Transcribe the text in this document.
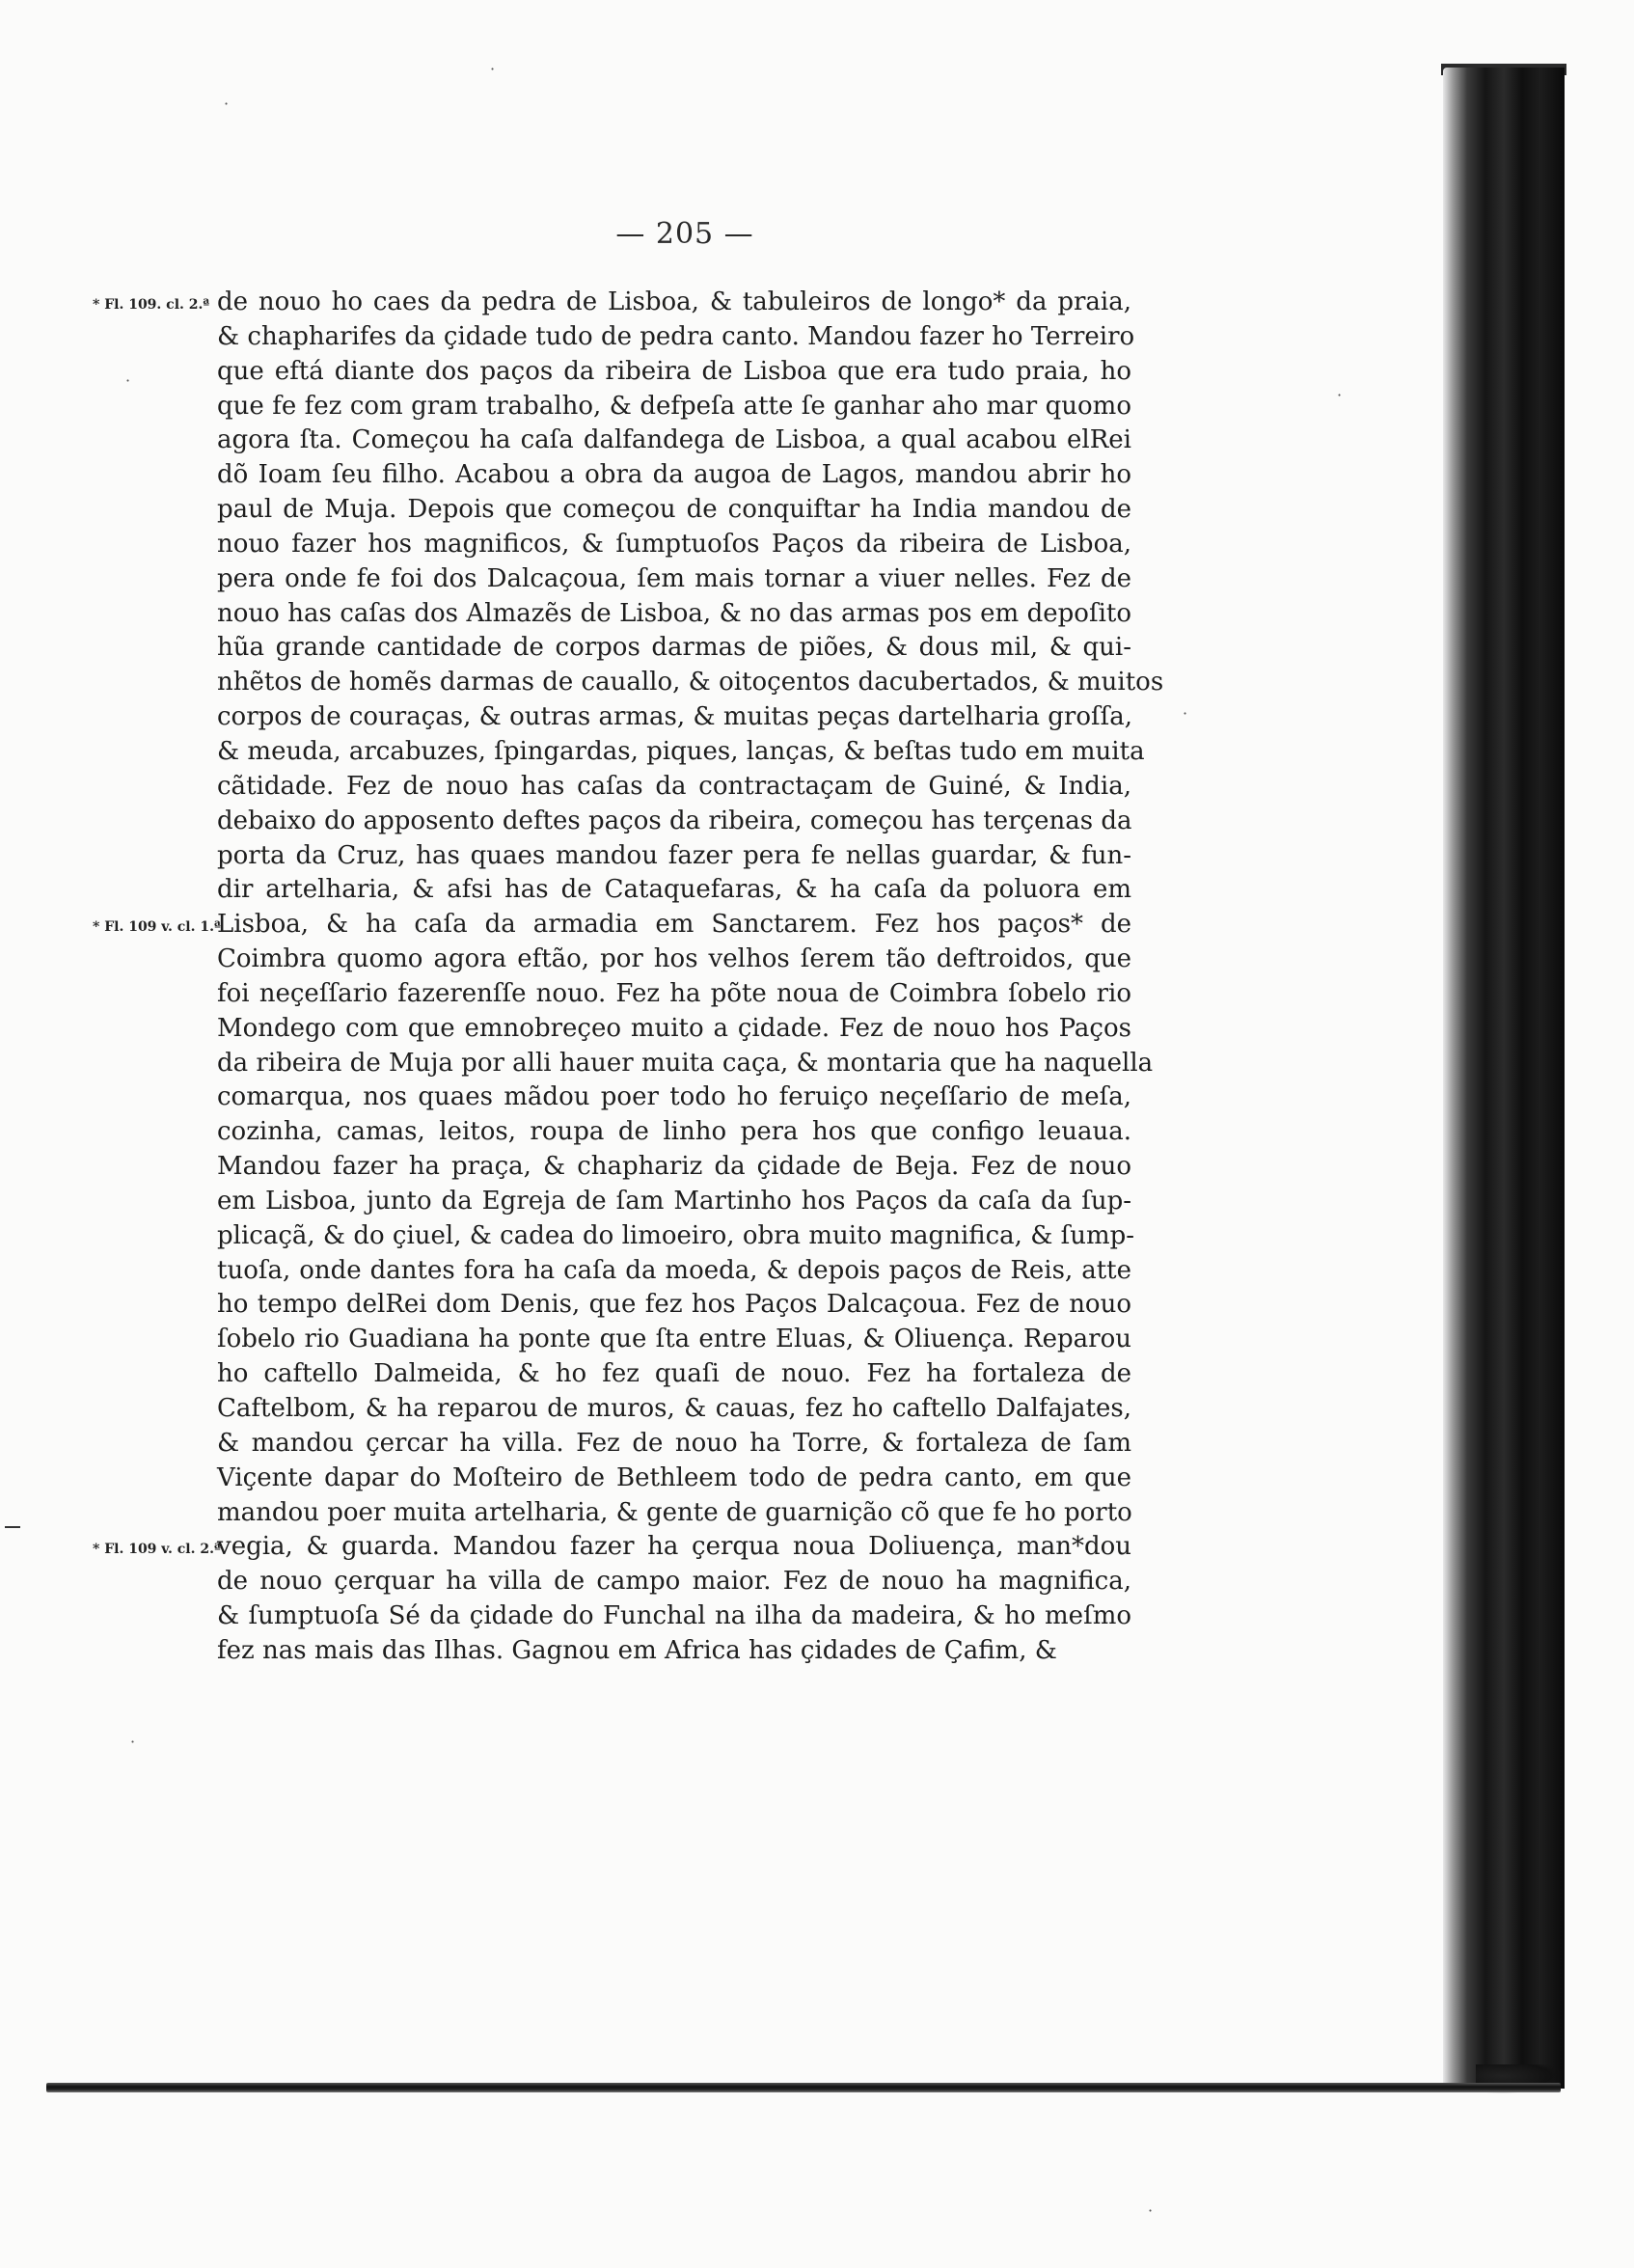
·
·
·
·
·
·
·
— 205 —
* Fl. 109. cl. 2.ª
* Fl. 109 v. cl. 1.ª
* Fl. 109 v. cl. 2.ª
de nouo ho caes da pedra de Lisboa, & tabuleiros de longo* da praia,
& chapharifes da çidade tudo de pedra canto. Mandou fazer ho Terreiro
que eftá diante dos paços da ribeira de Lisboa que era tudo praia, ho
que fe fez com gram trabalho, & defpeſa atte ſe ganhar aho mar quomo
agora ſta. Começou ha caſa dalfandega de Lisboa, a qual acabou elRei
dõ Ioam ſeu filho. Acabou a obra da augoa de Lagos, mandou abrir ho
paul de Muja. Depois que começou de conquiftar ha India mandou de
nouo fazer hos magnificos, & ſumptuoſos Paços da ribeira de Lisboa,
pera onde fe foi dos Dalcaçoua, ſem mais tornar a viuer nelles. Fez de
nouo has caſas dos Almazẽs de Lisboa, & no das armas pos em depoſito
hũa grande cantidade de corpos darmas de piões, & dous mil, & qui-
nhẽtos de homẽs darmas de cauallo, & oitoçentos dacubertados, & muitos
corpos de couraças, & outras armas, & muitas peças dartelharia groſſa,
& meuda, arcabuzes, ſpingardas, piques, lanças, & beſtas tudo em muita
cãtidade. Fez de nouo has caſas da contractaçam de Guiné, & India,
debaixo do apposento deftes paços da ribeira, começou has terçenas da
porta da Cruz, has quaes mandou fazer pera fe nellas guardar, & fun-
dir artelharia, & afsi has de Cataquefaras, & ha caſa da poluora em
Lisboa, & ha caſa da armadia em Sanctarem. Fez hos paços* de
Coimbra quomo agora eftão, por hos velhos ſerem tão deftroidos, que
foi neçeſſario fazerenſſe nouo. Fez ha põte noua de Coimbra ſobelo rio
Mondego com que emnobreçeo muito a çidade. Fez de nouo hos Paços
da ribeira de Muja por alli hauer muita caça, & montaria que ha naquella
comarqua, nos quaes mãdou poer todo ho feruiço neçeſſario de meſa,
cozinha, camas, leitos, roupa de linho pera hos que configo leuaua.
Mandou fazer ha praça, & chaphariz da çidade de Beja. Fez de nouo
em Lisboa, junto da Egreja de ſam Martinho hos Paços da caſa da ſup-
plicaçã, & do çiuel, & cadea do limoeiro, obra muito magnifica, & ſump-
tuoſa, onde dantes fora ha caſa da moeda, & depois paços de Reis, atte
ho tempo delRei dom Denis, que fez hos Paços Dalcaçoua. Fez de nouo
ſobelo rio Guadiana ha ponte que ſta entre Eluas, & Oliuença. Reparou
ho caftello Dalmeida, & ho fez quaſi de nouo. Fez ha fortaleza de
Caftelbom, & ha reparou de muros, & cauas, fez ho caftello Dalfajates,
& mandou çercar ha villa. Fez de nouo ha Torre, & fortaleza de ſam
Viçente dapar do Moſteiro de Bethleem todo de pedra canto, em que
mandou poer muita artelharia, & gente de guarnição cõ que fe ho porto
vegia, & guarda. Mandou fazer ha çerqua noua Doliuença, man*dou
de nouo çerquar ha villa de campo maior. Fez de nouo ha magnifica,
& ſumptuoſa Sé da çidade do Funchal na ilha da madeira, & ho meſmo
fez nas mais das Ilhas. Gagnou em Africa has çidades de Çafim, &
